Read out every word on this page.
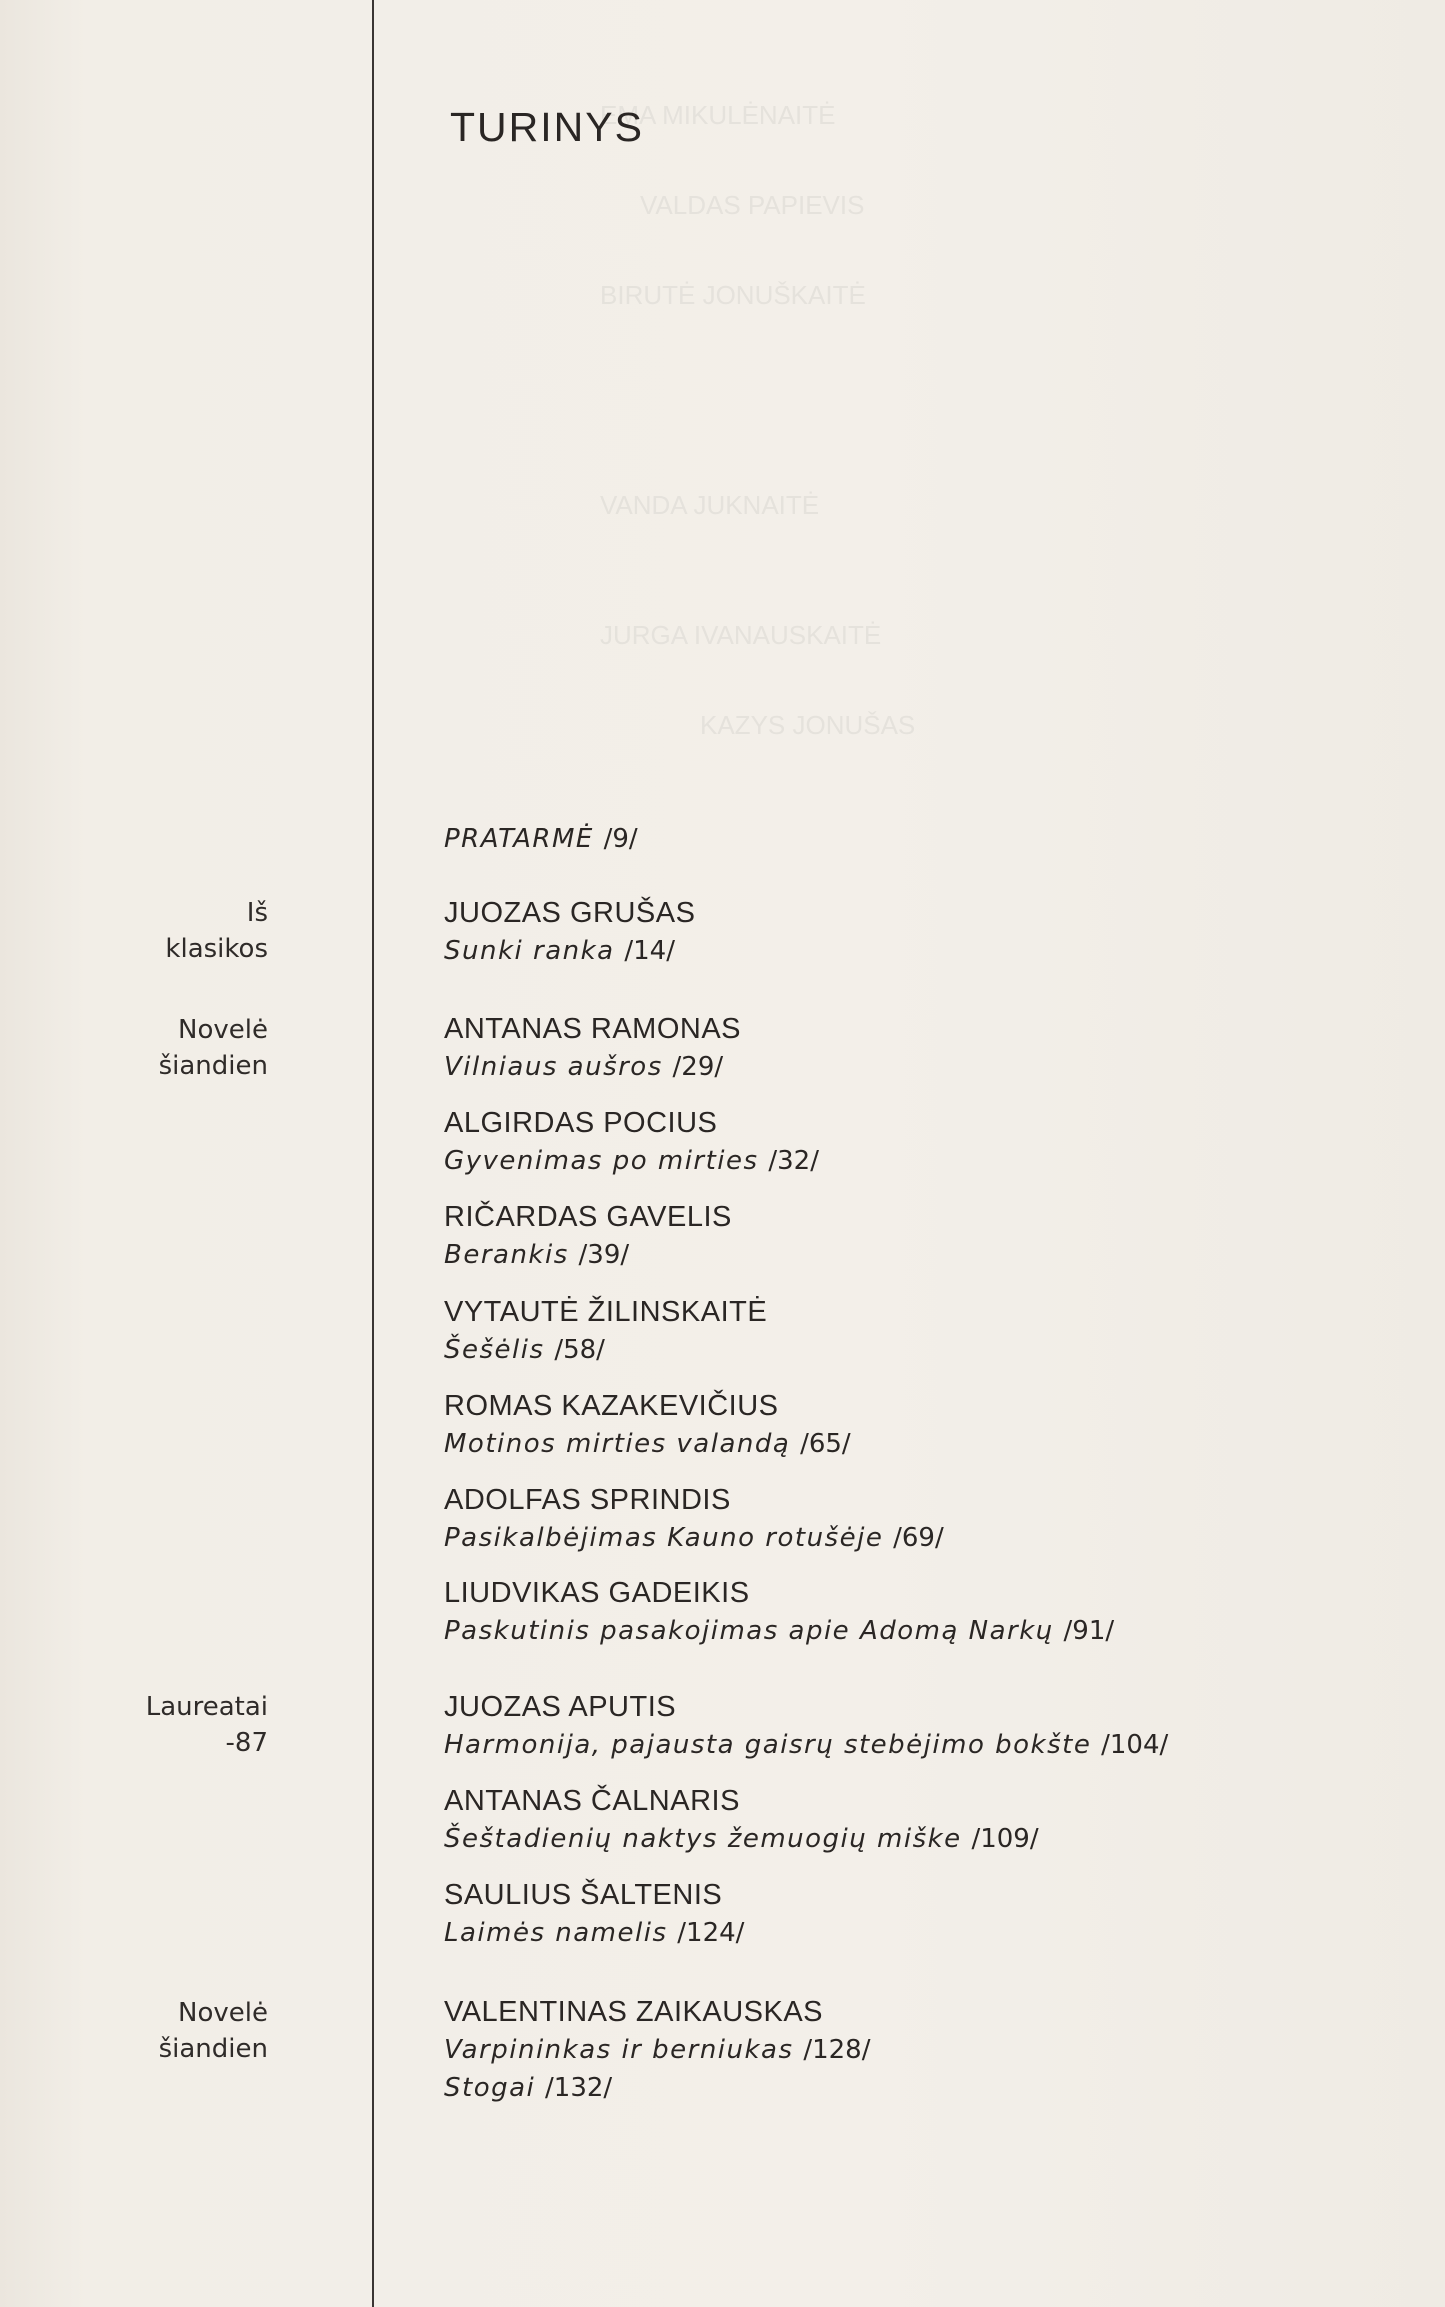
EMA MIKULĖNAITĖ
VALDAS PAPIEVIS
BIRUTĖ JONUŠKAITĖ
VANDA JUKNAITĖ
JURGA IVANAUSKAITĖ
KAZYS JONUŠAS
TURINYS
Iš
klasikos
Novelė
šiandien
Laureatai
-87
Novelė
šiandien
PRATARMĖ /9/
JUOZAS GRUŠAS
Sunki ranka /14/
ANTANAS RAMONAS
Vilniaus aušros /29/
ALGIRDAS POCIUS
Gyvenimas po mirties /32/
RIČARDAS GAVELIS
Berankis /39/
VYTAUTĖ ŽILINSKAITĖ
Šešėlis /58/
ROMAS KAZAKEVIČIUS
Motinos mirties valandą /65/
ADOLFAS SPRINDIS
Pasikalbėjimas Kauno rotušėje /69/
LIUDVIKAS GADEIKIS
Paskutinis pasakojimas apie Adomą Narkų /91/
JUOZAS APUTIS
Harmonija, pajausta gaisrų stebėjimo bokšte /104/
ANTANAS ČALNARIS
Šeštadienių naktys žemuogių miške /109/
SAULIUS ŠALTENIS
Laimės namelis /124/
VALENTINAS ZAIKAUSKAS
Varpininkas ir berniukas /128/
Stogai /132/
